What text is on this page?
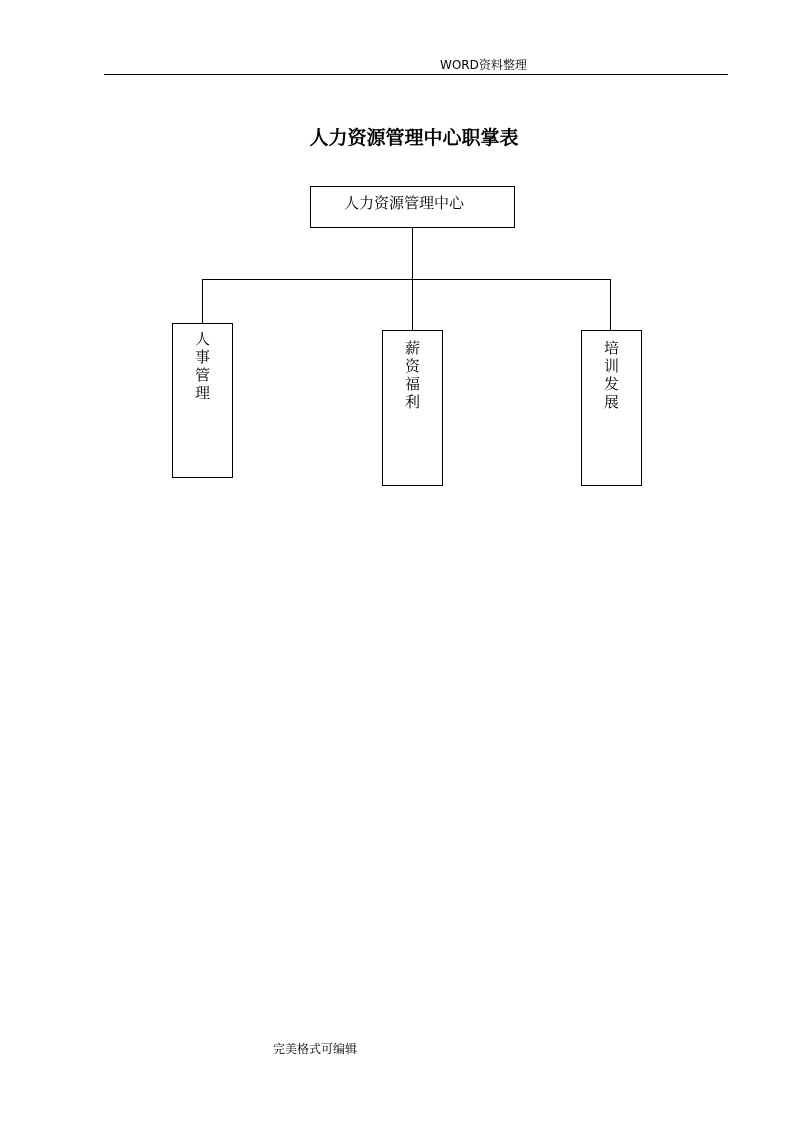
WORD资料整理
人力资源管理中心职掌表
人力资源管理中心
人事管理
薪资福利
培训发展
完美格式可编辑
